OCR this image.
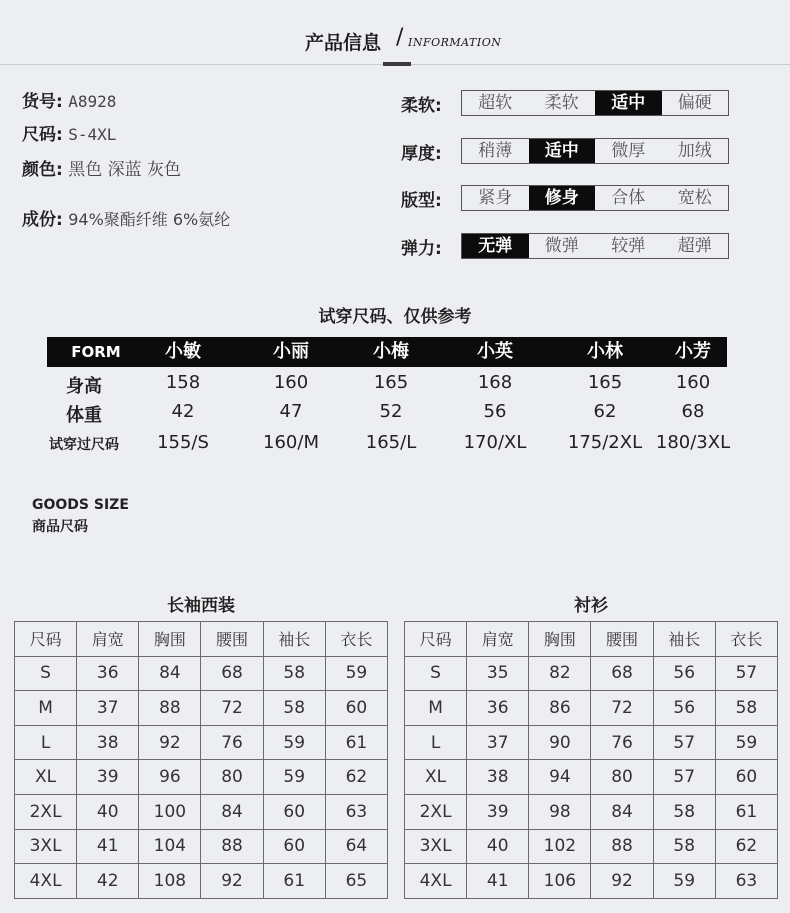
产品信息 / INFORMATION
货号: A8928
尺码: S-4XL
颜色: 黑色 深蓝 灰色
成份: 94%聚酯纤维 6%氨纶
柔软:	超软	柔软	适中	偏硬
厚度:	稍薄	适中	微厚	加绒
版型:	紧身	修身	合体	宽松
弹力:	无弹	微弹	较弹	超弹
试穿尺码、仅供参考
FORM 小敏	小丽	小梅	小英	小林	小芳
身高	158	160	165	168	165	160
体重	42	47	52	56	62	68
试穿过尺码 155/S	160/M	165/L	170/XL 175/2XL 180/3XL
GOODS SIZE
商品尺码
长袖西装
尺码	肩宽	胸围	腰围	袖长	衣长
S	36	84	68	58	59
M	37	88	72	58	60
L	38	92	76	59	61
XL	39	96	80	59	62
2XL	40	100	84	60	63
3XL	41	104	88	60	64
4XL	42	108	92	61	65
衬衫
尺码	肩宽	胸围	腰围	袖长	衣长
S	35	82	68	56	57
M	36	86	72	56	58
L	37	90	76	57	59
XL	38	94	80	57	60
2XL	39	98	84	58	61
3XL	40	102	88	58	62
4XL	41	106	92	59	63
